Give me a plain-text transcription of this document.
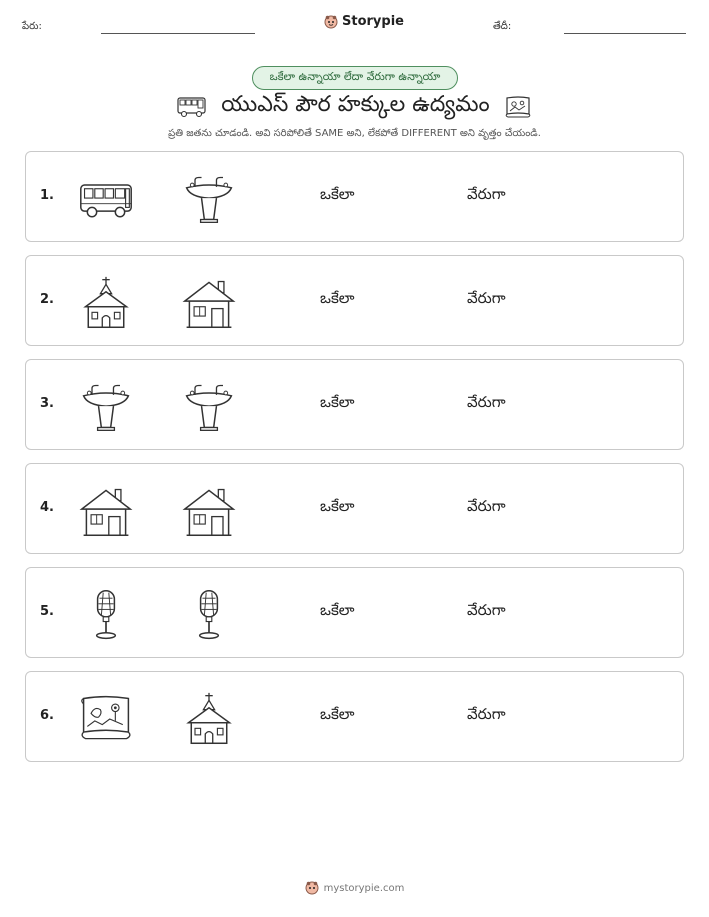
పేరు:	Storypie	తేదీ:
ఒకేలా ఉన్నాయా లేదా వేరుగా ఉన్నాయా
యుఎస్ పౌర హక్కుల ఉద్యమం
ప్రతి జతను చూడండి. అవి సరిపోలితే SAME అని, లేకపోతే DIFFERENT అని వృత్తం చేయండి.
1.	ఒకేలా	వేరుగా
2.	ఒకేలా	వేరుగా
3.	ఒకేలా	వేరుగా
4.	ఒకేలా	వేరుగా
5.	ఒకేలా	వేరుగా
6.	ఒకేలా	వేరుగా
mystorypie.com
